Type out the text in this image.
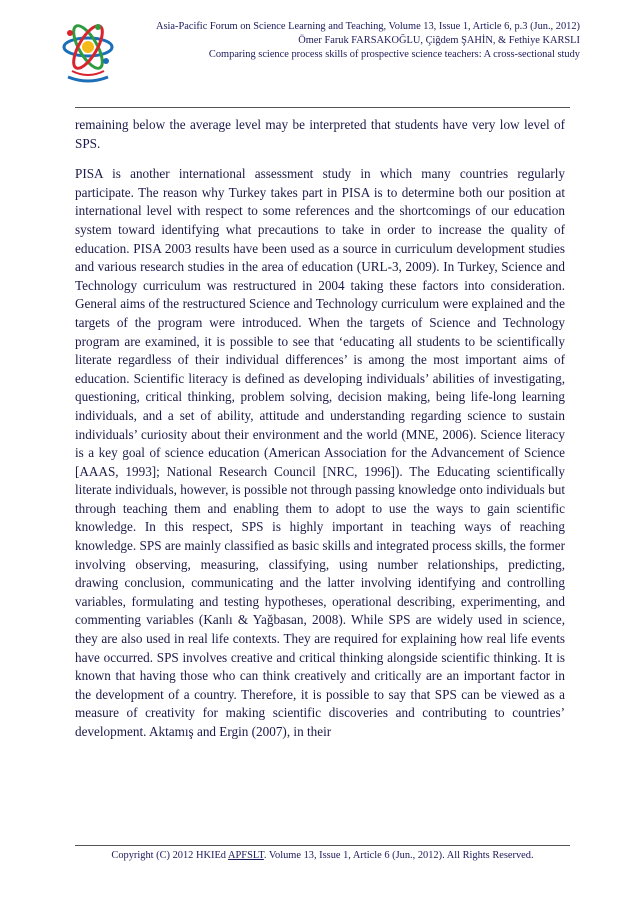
Asia-Pacific Forum on Science Learning and Teaching, Volume 13, Issue 1, Article 6, p.3 (Jun., 2012)
Ömer Faruk FARSAKOĞLU, Çiğdem ŞAHİN, & Fethiye KARSLI
Comparing science process skills of prospective science teachers: A cross-sectional study

remaining below the average level may be interpreted that students have very low level of SPS.

PISA is another international assessment study in which many countries regularly participate. The reason why Turkey takes part in PISA is to determine both our position at international level with respect to some references and the shortcomings of our education system toward identifying what precautions to take in order to increase the quality of education. PISA 2003 results have been used as a source in curriculum development studies and various research studies in the area of education (URL-3, 2009). In Turkey, Science and Technology curriculum was restructured in 2004 taking these factors into consideration. General aims of the restructured Science and Technology curriculum were explained and the targets of the program were introduced. When the targets of Science and Technology program are examined, it is possible to see that ‘educating all students to be scientifically literate regardless of their individual differences’ is among the most important aims of education. Scientific literacy is defined as developing individuals’ abilities of investigating, questioning, critical thinking, problem solving, decision making, being life-long learning individuals, and a set of ability, attitude and understanding regarding science to sustain individuals’ curiosity about their environment and the world (MNE, 2006). Science literacy is a key goal of science education (American Association for the Advancement of Science [AAAS, 1993]; National Research Council [NRC, 1996]). The Educating scientifically literate individuals, however, is possible not through passing knowledge onto individuals but through teaching them and enabling them to adopt to use the ways to gain scientific knowledge. In this respect, SPS is highly important in teaching ways of reaching knowledge. SPS are mainly classified as basic skills and integrated process skills, the former involving observing, measuring, classifying, using number relationships, predicting, drawing conclusion, communicating and the latter involving identifying and controlling variables, formulating and testing hypotheses, operational describing, experimenting, and commenting variables (Kanlı & Yağbasan, 2008). While SPS are widely used in science, they are also used in real life contexts. They are required for explaining how real life events have occurred. SPS involves creative and critical thinking alongside scientific thinking. It is known that having those who can think creatively and critically are an important factor in the development of a country. Therefore, it is possible to say that SPS can be viewed as a measure of creativity for making scientific discoveries and contributing to countries’ development. Aktamış and Ergin (2007), in their

Copyright (C) 2012 HKIEd APFSLT. Volume 13, Issue 1, Article 6 (Jun., 2012). All Rights Reserved.
